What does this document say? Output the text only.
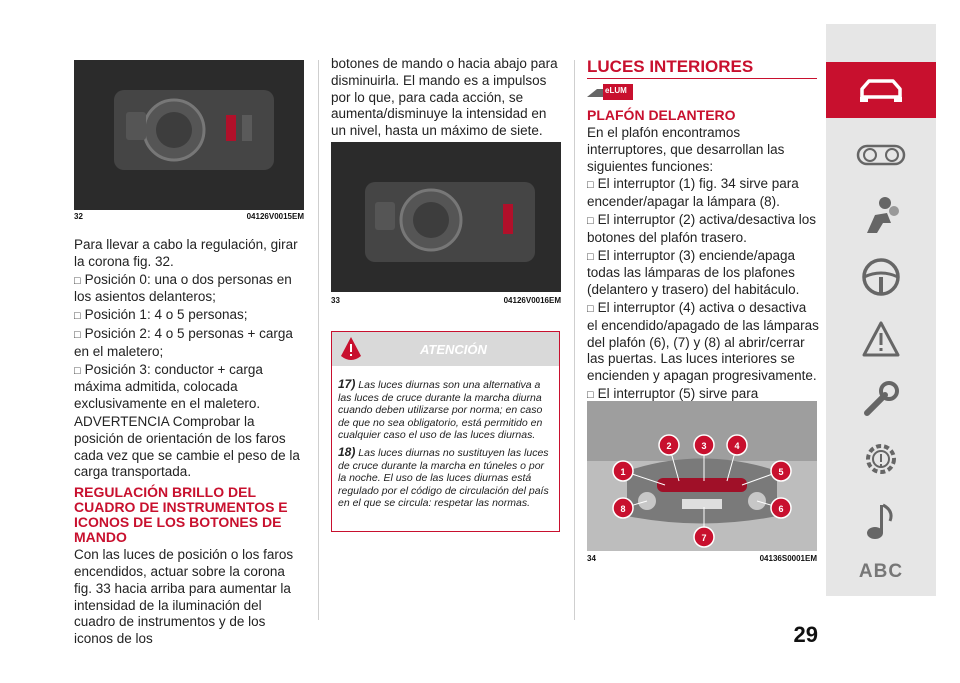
32	04126V0015EM

Para llevar a cabo la regulación, girar la corona fig. 32.

□ Posición 0: una o dos personas en los asientos delanteros;

□ Posición 1: 4 o 5 personas;

□ Posición 2: 4 o 5 personas + carga en el maletero;

□ Posición 3: conductor + carga máxima admitida, colocada exclusivamente en el maletero.

ADVERTENCIA Comprobar la posición de orientación de los faros cada vez que se cambie el peso de la carga transportada.

REGULACIÓN BRILLO DEL CUADRO DE INSTRUMENTOS E ICONOS DE LOS BOTONES DE MANDO

Con las luces de posición o los faros encendidos, actuar sobre la corona fig. 33 hacia arriba para aumentar la intensidad de la iluminación del cuadro de instrumentos y de los iconos de los

botones de mando o hacia abajo para disminuirla. El mando es a impulsos por lo que, para cada acción, se aumenta/disminuye la intensidad en un nivel, hasta un máximo de siete.

33	04126V0016EM
ATENCIÓN

17) Las luces diurnas son una alternativa a las luces de cruce durante la marcha diurna cuando deben utilizarse por norma; en caso de que no sea obligatorio, está permitido en cualquier caso el uso de las luces diurnas.

18) Las luces diurnas no sustituyen las luces de cruce durante la marcha en túneles o por la noche. El uso de las luces diurnas está regulado por el código de circulación del país en el que se circula: respetar las normas.

LUCES INTERIORES
eLUM
PLAFÓN DELANTERO

En el plafón encontramos interruptores, que desarrollan las siguientes funciones:

□ El interruptor (1) fig. 34 sirve para encender/apagar la lámpara (8).

□ El interruptor (2) activa/desactiva los botones del plafón trasero.

□ El interruptor (3) enciende/apaga todas las lámparas de los plafones (delantero y trasero) del habitáculo.

□ El interruptor (4) activa o desactiva el encendido/apagado de las lámparas del plafón (6), (7) y (8) al abrir/cerrar las puertas. Las luces interiores se encienden y apagan progresivamente.

□ El interruptor (5) sirve para

1
2	3	4
5
6
7
8
34	04136S0001EM
29
ABC
